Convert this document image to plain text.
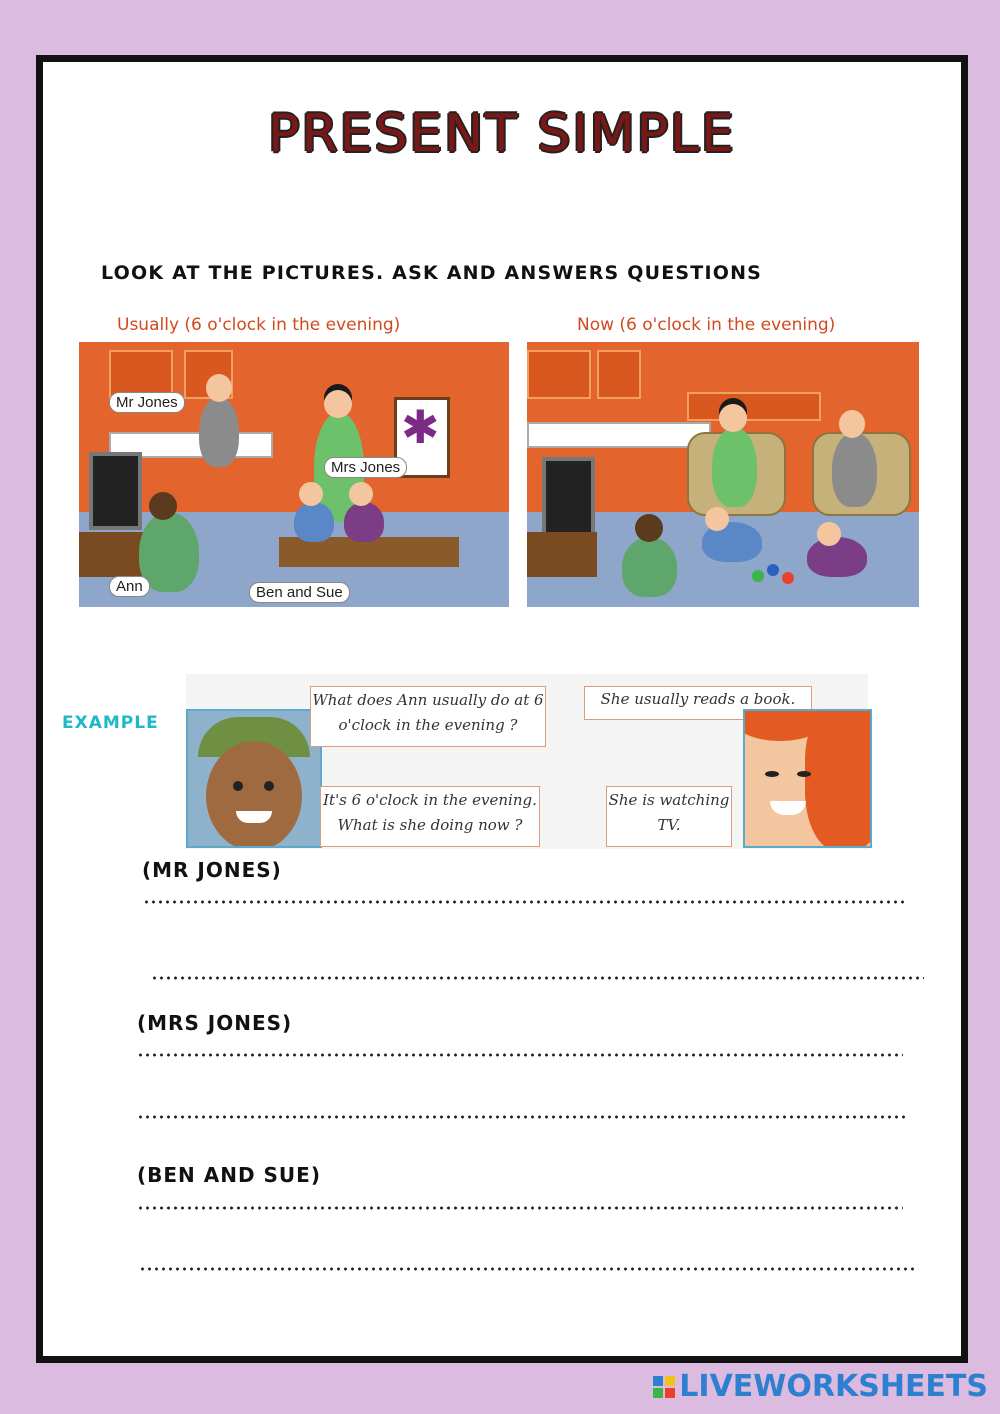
PRESENT SIMPLE
LOOK AT THE PICTURES. ASK AND ANSWERS QUESTIONS
Usually (6 o'clock in the evening)
✱
Mr Jones
Mrs Jones
Ann	Ben and Sue
Now (6 o'clock in the evening)
EXAMPLE
What does Ann usually do at 6 o'clock in the evening ?
She usually reads a book.
It's 6 o'clock in the evening. What is she doing now ?
She is watching TV.
(MR JONES)
(MRS JONES)
(BEN AND SUE)
LIVEWORKSHEETS
